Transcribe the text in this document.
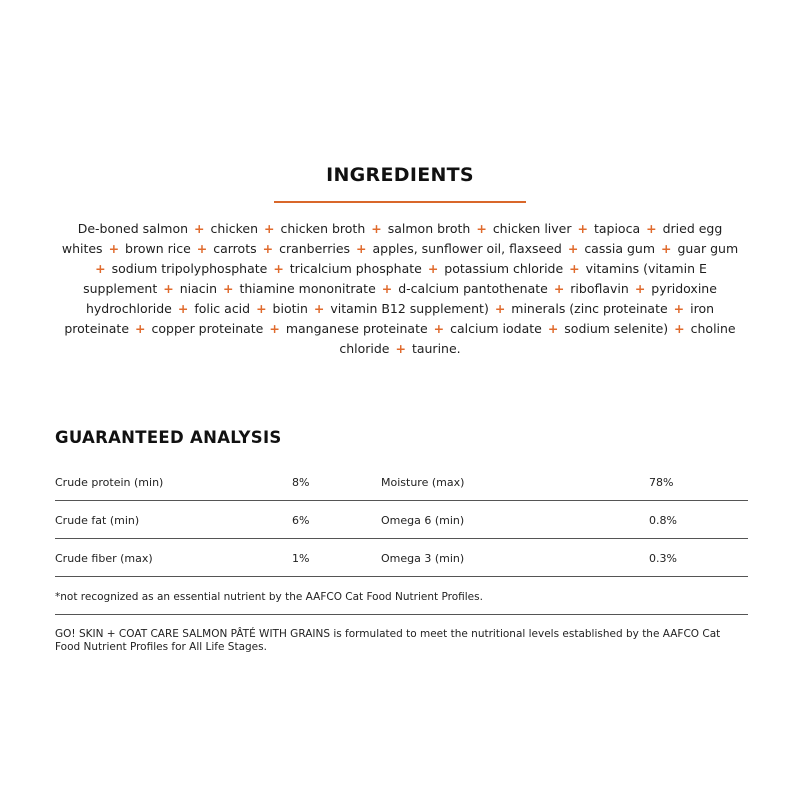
INGREDIENTS
De-boned salmon + chicken + chicken broth + salmon broth + chicken liver + tapioca + dried egg whites + brown rice + carrots + cranberries + apples, sunflower oil, flaxseed + cassia gum + guar gum + sodium tripolyphosphate + tricalcium phosphate + potassium chloride + vitamins (vitamin E supplement + niacin + thiamine mononitrate + d-calcium pantothenate + riboflavin + pyridoxine hydrochloride + folic acid + biotin + vitamin B12 supplement) + minerals (zinc proteinate + iron proteinate + copper proteinate + manganese proteinate + calcium iodate + sodium selenite) + choline chloride + taurine.
GUARANTEED ANALYSIS
Crude protein (min)	8%	Moisture (max)	78%
Crude fat (min)	6%	Omega 6 (min)	0.8%
Crude fiber (max)	1%	Omega 3 (min)	0.3%
*not recognized as an essential nutrient by the AAFCO Cat Food Nutrient Profiles.
GO! SKIN + COAT CARE SALMON PÂTÉ WITH GRAINS is formulated to meet the nutritional levels established by the AAFCO Cat Food Nutrient Profiles for All Life Stages.
